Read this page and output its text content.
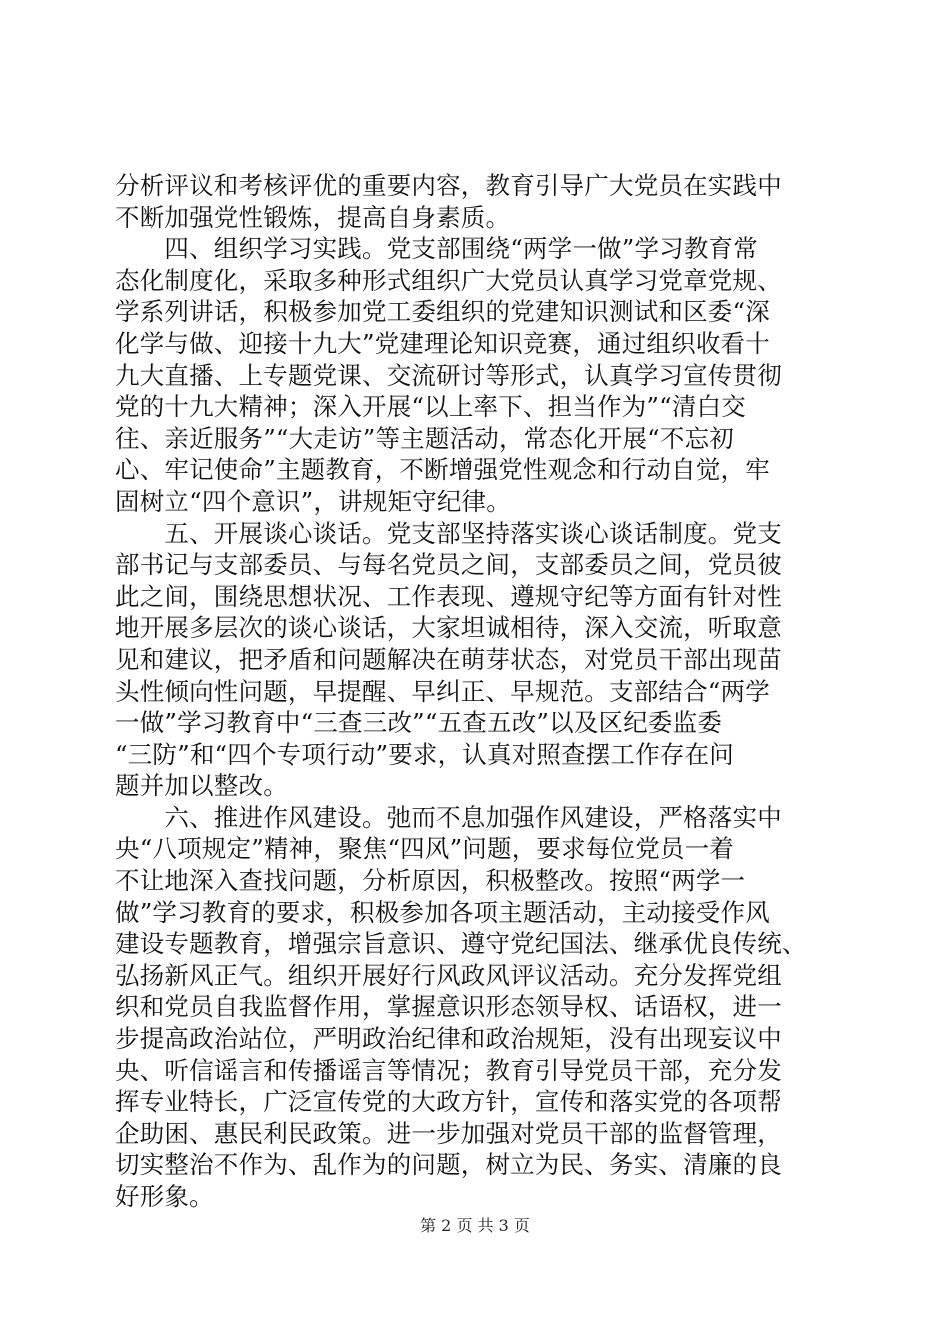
分析评议和考核评优的重要内容，教育引导广大党员在实践中
不断加强党性锻炼，提高自身素质。
　　四、组织学习实践。党支部围绕“两学一做”学习教育常
态化制度化，采取多种形式组织广大党员认真学习党章党规、
学系列讲话，积极参加党工委组织的党建知识测试和区委“深
化学与做、迎接十九大”党建理论知识竞赛，通过组织收看十
九大直播、上专题党课、交流研讨等形式，认真学习宣传贯彻
党的十九大精神；深入开展“以上率下、担当作为”“清白交
往、亲近服务”“大走访”等主题活动，常态化开展“不忘初
心、牢记使命”主题教育，不断增强党性观念和行动自觉，牢
固树立“四个意识”，讲规矩守纪律。
　　五、开展谈心谈话。党支部坚持落实谈心谈话制度。党支
部书记与支部委员、与每名党员之间，支部委员之间，党员彼
此之间，围绕思想状况、工作表现、遵规守纪等方面有针对性
地开展多层次的谈心谈话，大家坦诚相待，深入交流，听取意
见和建议，把矛盾和问题解决在萌芽状态，对党员干部出现苗
头性倾向性问题，早提醒、早纠正、早规范。支部结合“两学
一做”学习教育中“三查三改”“五查五改”以及区纪委监委
“三防”和“四个专项行动”要求，认真对照查摆工作存在问
题并加以整改。
　　六、推进作风建设。弛而不息加强作风建设，严格落实中
央“八项规定”精神，聚焦“四风”问题，要求每位党员一着
不让地深入查找问题，分析原因，积极整改。按照“两学一
做”学习教育的要求，积极参加各项主题活动，主动接受作风
建设专题教育，增强宗旨意识、遵守党纪国法、继承优良传统、
弘扬新风正气。组织开展好行风政风评议活动。充分发挥党组
织和党员自我监督作用，掌握意识形态领导权、话语权，进一
步提高政治站位，严明政治纪律和政治规矩，没有出现妄议中
央、听信谣言和传播谣言等情况；教育引导党员干部，充分发
挥专业特长，广泛宣传党的大政方针，宣传和落实党的各项帮
企助困、惠民利民政策。进一步加强对党员干部的监督管理，
切实整治不作为、乱作为的问题，树立为民、务实、清廉的良
好形象。
第 2 页 共 3 页
